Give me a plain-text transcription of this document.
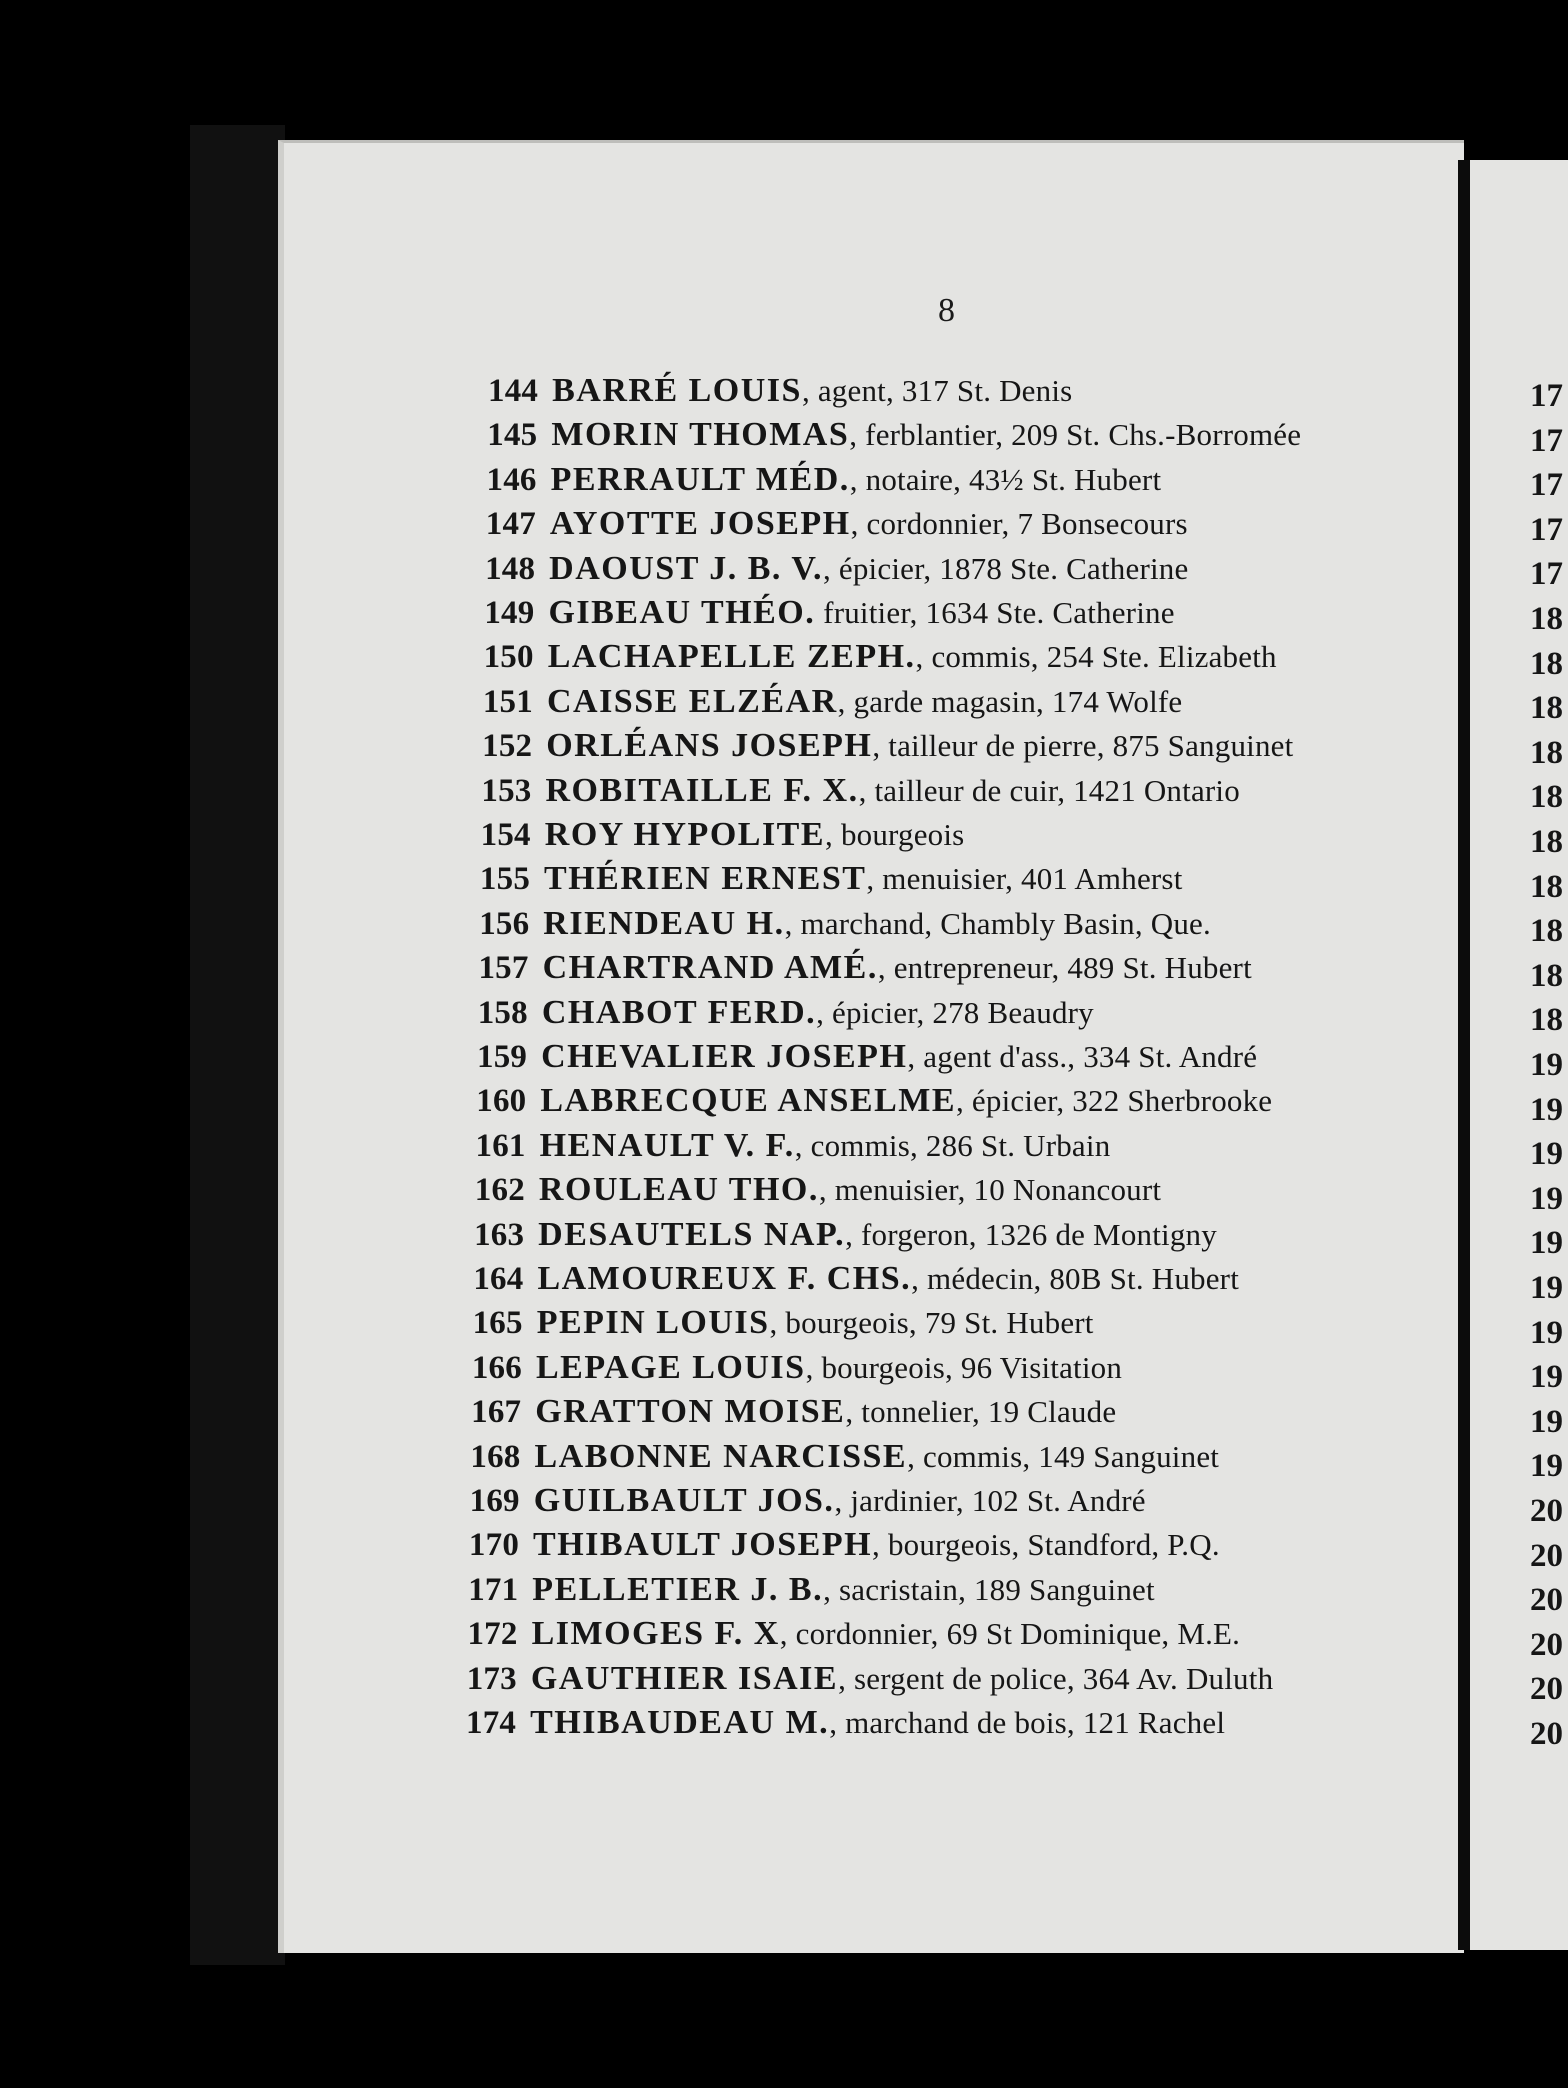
8
144 BARRÉ LOUIS, agent, 317 St. Denis
145 MORIN THOMAS, ferblantier, 209 St. Chs.-Borromée
146 PERRAULT MÉD., notaire, 43½ St. Hubert
147 AYOTTE JOSEPH, cordonnier, 7 Bonsecours
148 DAOUST J. B. V., épicier, 1878 Ste. Catherine
149 GIBEAU THÉO. fruitier, 1634 Ste. Catherine
150 LACHAPELLE ZEPH., commis, 254 Ste. Elizabeth
151 CAISSE ELZÉAR, garde magasin, 174 Wolfe
152 ORLÉANS JOSEPH, tailleur de pierre, 875 Sanguinet
153 ROBITAILLE F. X., tailleur de cuir, 1421 Ontario
154 ROY HYPOLITE, bourgeois
155 THÉRIEN ERNEST, menuisier, 401 Amherst
156 RIENDEAU H., marchand, Chambly Basin, Que.
157 CHARTRAND AMÉ., entrepreneur, 489 St. Hubert
158 CHABOT FERD., épicier, 278 Beaudry
159 CHEVALIER JOSEPH, agent d'ass., 334 St. André
160 LABRECQUE ANSELME, épicier, 322 Sherbrooke
161 HENAULT V. F., commis, 286 St. Urbain
162 ROULEAU THO., menuisier, 10 Nonancourt
163 DESAUTELS NAP., forgeron, 1326 de Montigny
164 LAMOUREUX F. CHS., médecin, 80B St. Hubert
165 PEPIN LOUIS, bourgeois, 79 St. Hubert
166 LEPAGE LOUIS, bourgeois, 96 Visitation
167 GRATTON MOISE, tonnelier, 19 Claude
168 LABONNE NARCISSE, commis, 149 Sanguinet
169 GUILBAULT JOS., jardinier, 102 St. André
170 THIBAULT JOSEPH, bourgeois, Standford, P.Q.
171 PELLETIER J. B., sacristain, 189 Sanguinet
172 LIMOGES F. X, cordonnier, 69 St Dominique, M.E.
173 GAUTHIER ISAIE, sergent de police, 364 Av. Duluth
174 THIBAUDEAU M., marchand de bois, 121 Rachel
17
17
17
17
17
18
18
18
18
18
18
18
18
18
18
19
19
19
19
19
19
19
19
19
19
20
20
20
20
20
20
